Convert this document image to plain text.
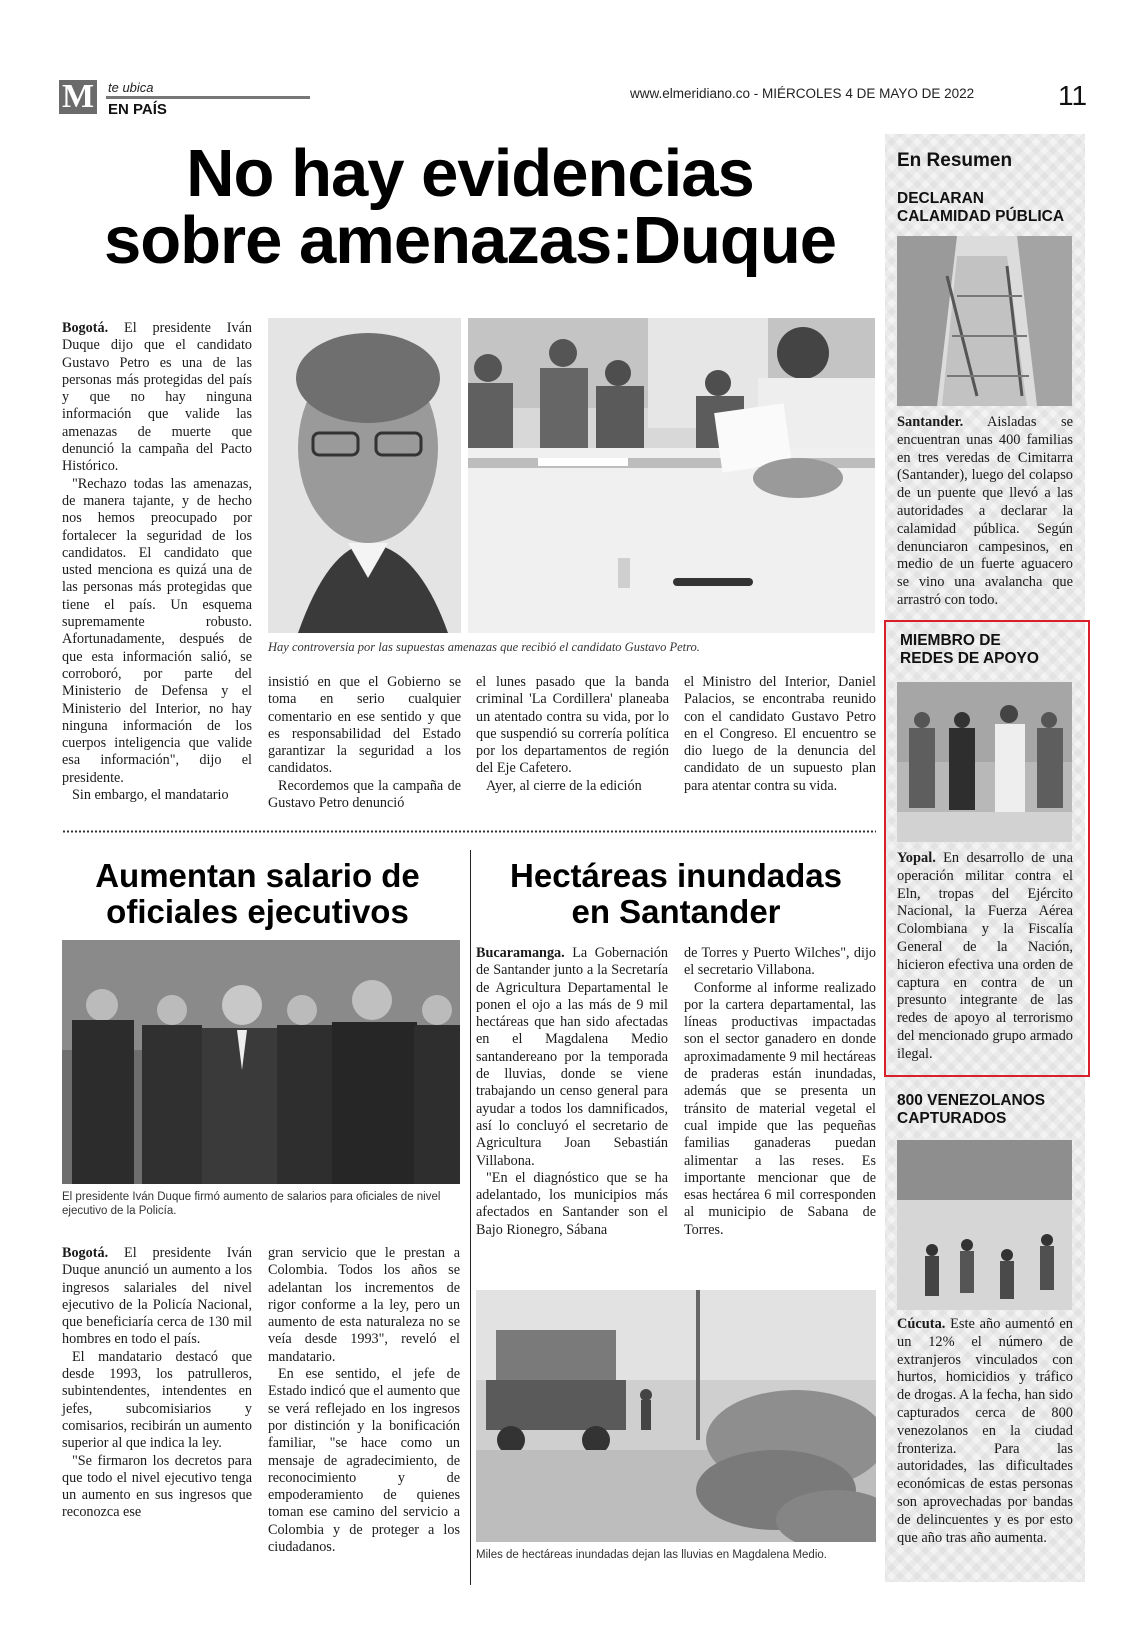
M te ubica
EN PAÍS
www.elmeridiano.co - MIÉRCOLES 4 DE MAYO DE 2022	11
No hay evidencias
sobre amenazas:Duque

Bogotá. El presidente Iván Duque dijo que el candidato Gustavo Petro es una de las personas más protegidas del país y que no hay ninguna información que valide las amenazas de muerte que denunció la campaña del Pacto Histórico.

"Rechazo todas las amenazas, de manera tajante, y de hecho nos hemos preocupado por fortalecer la seguridad de los candidatos. El candidato que usted menciona es quizá una de las personas más protegidas que tiene el país. Un esquema supremamente robusto. Afortunadamente, después de que esta información salió, se corroboró, por parte del Ministerio de Defensa y el Ministerio del Interior, no hay ninguna información de los cuerpos inteligencia que valide esa información", dijo el presidente.

Sin embargo, el mandatario

Hay controversia por las supuestas amenazas que recibió el candidato Gustavo Petro.

insistió en que el Gobierno se toma en serio cualquier comentario en ese sentido y que es responsabilidad del Estado garantizar la seguridad a los candidatos.

Recordemos que la campaña de Gustavo Petro denunció

el lunes pasado que la banda criminal 'La Cordillera' planeaba un atentado contra su vida, por lo que suspendió su correría política por los departamentos de región del Eje Cafetero.

Ayer, al cierre de la edición

el Ministro del Interior, Daniel Palacios, se encontraba reunido con el candidato Gustavo Petro en el Congreso. El encuentro se dio luego de la denuncia del candidato de un supuesto plan para atentar contra su vida.

Aumentan salario de
oficiales ejecutivos
El presidente Iván Duque firmó aumento de salarios para oficiales de nivel ejecutivo de la Policía.

Bogotá. El presidente Iván Duque anunció un aumento a los ingresos salariales del nivel ejecutivo de la Policía Nacional, que beneficiaría cerca de 130 mil hombres en todo el país.

El mandatario destacó que desde 1993, los patrulleros, subintendentes, intendentes en jefes, subcomisiarios y comisarios, recibirán un aumento superior al que indica la ley.

"Se firmaron los decretos para que todo el nivel ejecutivo tenga un aumento en sus ingresos que reconozca ese

gran servicio que le prestan a Colombia. Todos los años se adelantan los incrementos de rigor conforme a la ley, pero un aumento de esta naturaleza no se veía desde 1993", reveló el mandatario.

En ese sentido, el jefe de Estado indicó que el aumento que se verá reflejado en los ingresos por distinción y la bonificación familiar, "se hace como un mensaje de agradecimiento, de reconocimiento y de empoderamiento de quienes toman ese camino del servicio a Colombia y de proteger a los ciudadanos.

Hectáreas inundadas
en Santander

Bucaramanga. La Gobernación de Santander junto a la Secretaría de Agricultura Departamental le ponen el ojo a las más de 9 mil hectáreas que han sido afectadas en el Magdalena Medio santandereano por la temporada de lluvias, donde se viene trabajando un censo general para ayudar a todos los damnificados, así lo concluyó el secretario de Agricultura Joan Sebastián Villabona.

"En el diagnóstico que se ha adelantado, los municipios más afectados en Santander son el Bajo Rionegro, Sábana

de Torres y Puerto Wilches", dijo el secretario Villabona.

Conforme al informe realizado por la cartera departamental, las líneas productivas impactadas son el sector ganadero en donde aproximadamente 9 mil hectáreas de praderas están inundadas, además que se presenta un tránsito de material vegetal el cual impide que las pequeñas familias ganaderas puedan alimentar a las reses. Es importante mencionar que de esas hectárea 6 mil corresponden al municipio de Sabana de Torres.

Miles de hectáreas inundadas dejan las lluvias en Magdalena Medio.
En Resumen
DECLARAN CALAMIDAD PÚBLICA
Santander. Aisladas se encuentran unas 400 familias en tres veredas de Cimitarra (Santander), luego del colapso de un puente que llevó a las autoridades a declarar la calamidad pública. Según denunciaron campesinos, en medio de un fuerte aguacero se vino una avalancha que arrastró con todo.
MIEMBRO DE REDES DE APOYO
Yopal. En desarrollo de una operación militar contra el Eln, tropas del Ejército Nacional, la Fuerza Aérea Colombiana y la Fiscalía General de la Nación, hicieron efectiva una orden de captura en contra de un presunto integrante de las redes de apoyo al terrorismo del mencionado grupo armado ilegal.
800 VENEZOLANOS CAPTURADOS
Cúcuta. Este año aumentó en un 12% el número de extranjeros vinculados con hurtos, homicidios y tráfico de drogas. A la fecha, han sido capturados cerca de 800 venezolanos en la ciudad fronteriza. Para las autoridades, las dificultades económicas de estas personas son aprovechadas por bandas de delincuentes y es por esto que año tras año aumenta.
